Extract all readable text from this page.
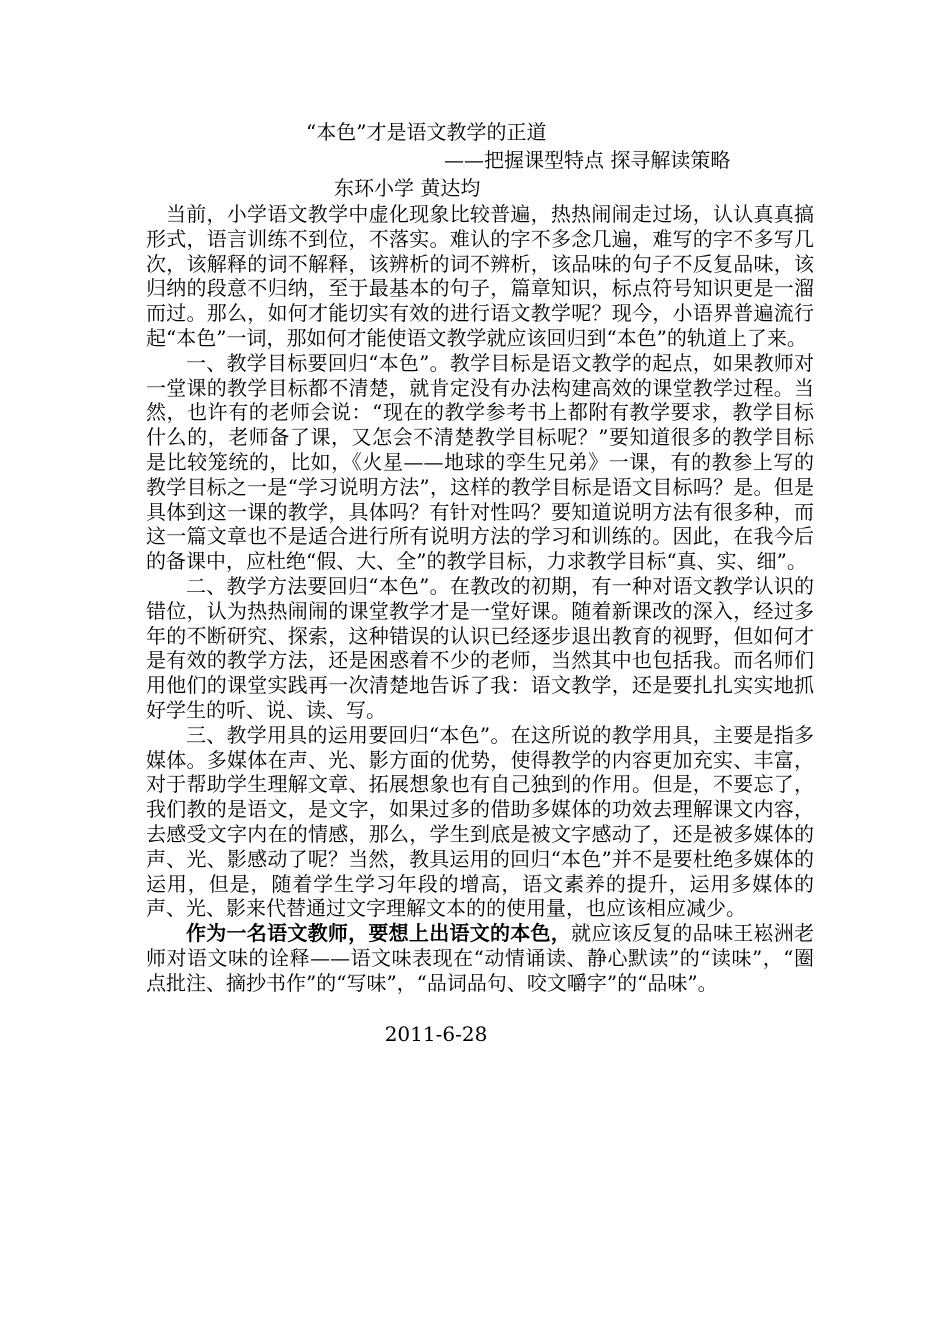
“本色”才是语文教学的正道
——把握课型特点 探寻解读策略
东环小学 黄达均

当前，小学语文教学中虚化现象比较普遍，热热闹闹走过场，认认真真搞形式，语言训练不到位，不落实。难认的字不多念几遍，难写的字不多写几次，该解释的词不解释，该辨析的词不辨析，该品味的句子不反复品味，该归纳的段意不归纳，至于最基本的句子，篇章知识，标点符号知识更是一溜而过。那么，如何才能切实有效的进行语文教学呢？现今，小语界普遍流行起“本色”一词，那如何才能使语文教学就应该回归到“本色”的轨道上了来。

一、教学目标要回归“本色”。教学目标是语文教学的起点，如果教师对一堂课的教学目标都不清楚，就肯定没有办法构建高效的课堂教学过程。当然，也许有的老师会说：“现在的教学参考书上都附有教学要求，教学目标什么的，老师备了课，又怎会不清楚教学目标呢？”要知道很多的教学目标是比较笼统的，比如，《火星——地球的孪生兄弟》一课，有的教参上写的教学目标之一是“学习说明方法”，这样的教学目标是语文目标吗？是。但是具体到这一课的教学，具体吗？有针对性吗？要知道说明方法有很多种，而这一篇文章也不是适合进行所有说明方法的学习和训练的。因此，在我今后的备课中，应杜绝“假、大、全”的教学目标，力求教学目标“真、实、细”。

二、教学方法要回归“本色”。在教改的初期，有一种对语文教学认识的错位，认为热热闹闹的课堂教学才是一堂好课。随着新课改的深入，经过多年的不断研究、探索，这种错误的认识已经逐步退出教育的视野，但如何才是有效的教学方法，还是困惑着不少的老师，当然其中也包括我。而名师们用他们的课堂实践再一次清楚地告诉了我：语文教学，还是要扎扎实实地抓好学生的听、说、读、写。

三、教学用具的运用要回归“本色”。在这所说的教学用具，主要是指多媒体。多媒体在声、光、影方面的优势，使得教学的内容更加充实、丰富，对于帮助学生理解文章、拓展想象也有自己独到的作用。但是，不要忘了，我们教的是语文，是文字，如果过多的借助多媒体的功效去理解课文内容，去感受文字内在的情感，那么，学生到底是被文字感动了，还是被多媒体的声、光、影感动了呢？当然，教具运用的回归“本色”并不是要杜绝多媒体的运用，但是，随着学生学习年段的增高，语文素养的提升，运用多媒体的声、光、影来代替通过文字理解文本的的使用量，也应该相应减少。

作为一名语文教师，要想上出语文的本色，就应该反复的品味王崧洲老师对语文味的诠释——语文味表现在“动情诵读、静心默读”的“读味”，“圈点批注、摘抄书作”的“写味”，“品词品句、咬文嚼字”的“品味”。

2011-6-28
